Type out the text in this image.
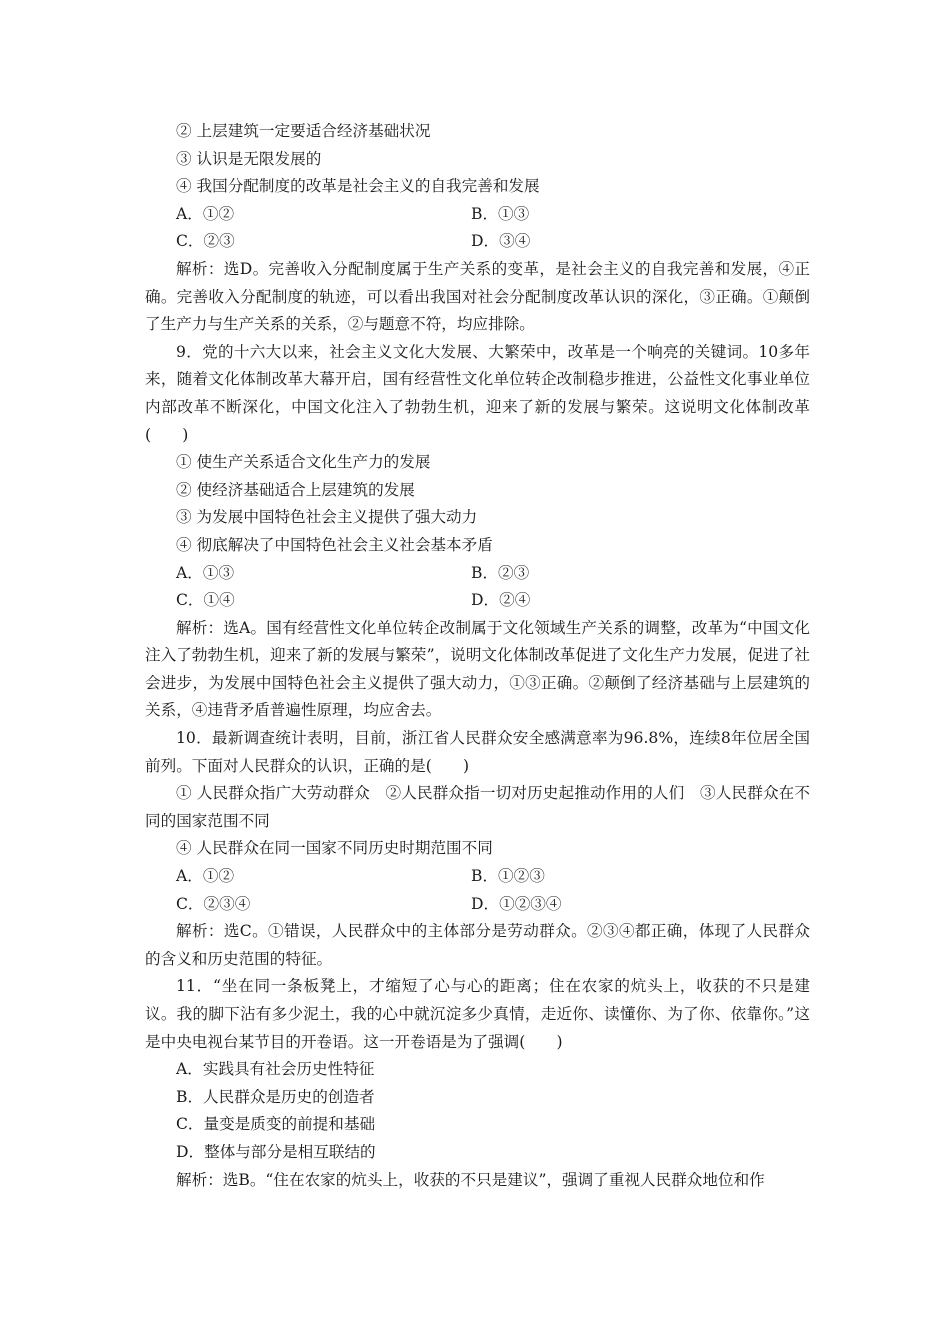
② 上层建筑一定要适合经济基础状况
③ 认识是无限发展的
④ 我国分配制度的改革是社会主义的自我完善和发展
A．①②	B．①③
C．②③	D．③④

解析：选D。完善收入分配制度属于生产关系的变革，是社会主义的自我完善和发展，④正确。完善收入分配制度的轨迹，可以看出我国对社会分配制度改革认识的深化，③正确。①颠倒了生产力与生产关系的关系，②与题意不符，均应排除。

9．党的十六大以来，社会主义文化大发展、大繁荣中，改革是一个响亮的关键词。10多年来，随着文化体制改革大幕开启，国有经营性文化单位转企改制稳步推进，公益性文化事业单位内部改革不断深化，中国文化注入了勃勃生机，迎来了新的发展与繁荣。这说明文化体制改革(　　)

① 使生产关系适合文化生产力的发展
② 使经济基础适合上层建筑的发展
③ 为发展中国特色社会主义提供了强大动力
④ 彻底解决了中国特色社会主义社会基本矛盾
A．①③	B．②③
C．①④	D．②④

解析：选A。国有经营性文化单位转企改制属于文化领域生产关系的调整，改革为“中国文化注入了勃勃生机，迎来了新的发展与繁荣”，说明文化体制改革促进了文化生产力发展，促进了社会进步，为发展中国特色社会主义提供了强大动力，①③正确。②颠倒了经济基础与上层建筑的关系，④违背矛盾普遍性原理，均应舍去。

10．最新调查统计表明，目前，浙江省人民群众安全感满意率为96.8%，连续8年位居全国前列。下面对人民群众的认识，正确的是(　　)

① 人民群众指广大劳动群众　②人民群众指一切对历史起推动作用的人们　③人民群众在不同的国家范围不同

④ 人民群众在同一国家不同历史时期范围不同
A．①②	B．①②③
C．②③④	D．①②③④

解析：选C。①错误，人民群众中的主体部分是劳动群众。②③④都正确，体现了人民群众的含义和历史范围的特征。

11．“坐在同一条板凳上，才缩短了心与心的距离；住在农家的炕头上，收获的不只是建议。我的脚下沾有多少泥土，我的心中就沉淀多少真情，走近你、读懂你、为了你、依靠你。”这是中央电视台某节目的开卷语。这一开卷语是为了强调(　　)

A．实践具有社会历史性特征
B．人民群众是历史的创造者
C．量变是质变的前提和基础
D．整体与部分是相互联结的
解析：选B。“住在农家的炕头上，收获的不只是建议”，强调了重视人民群众地位和作
